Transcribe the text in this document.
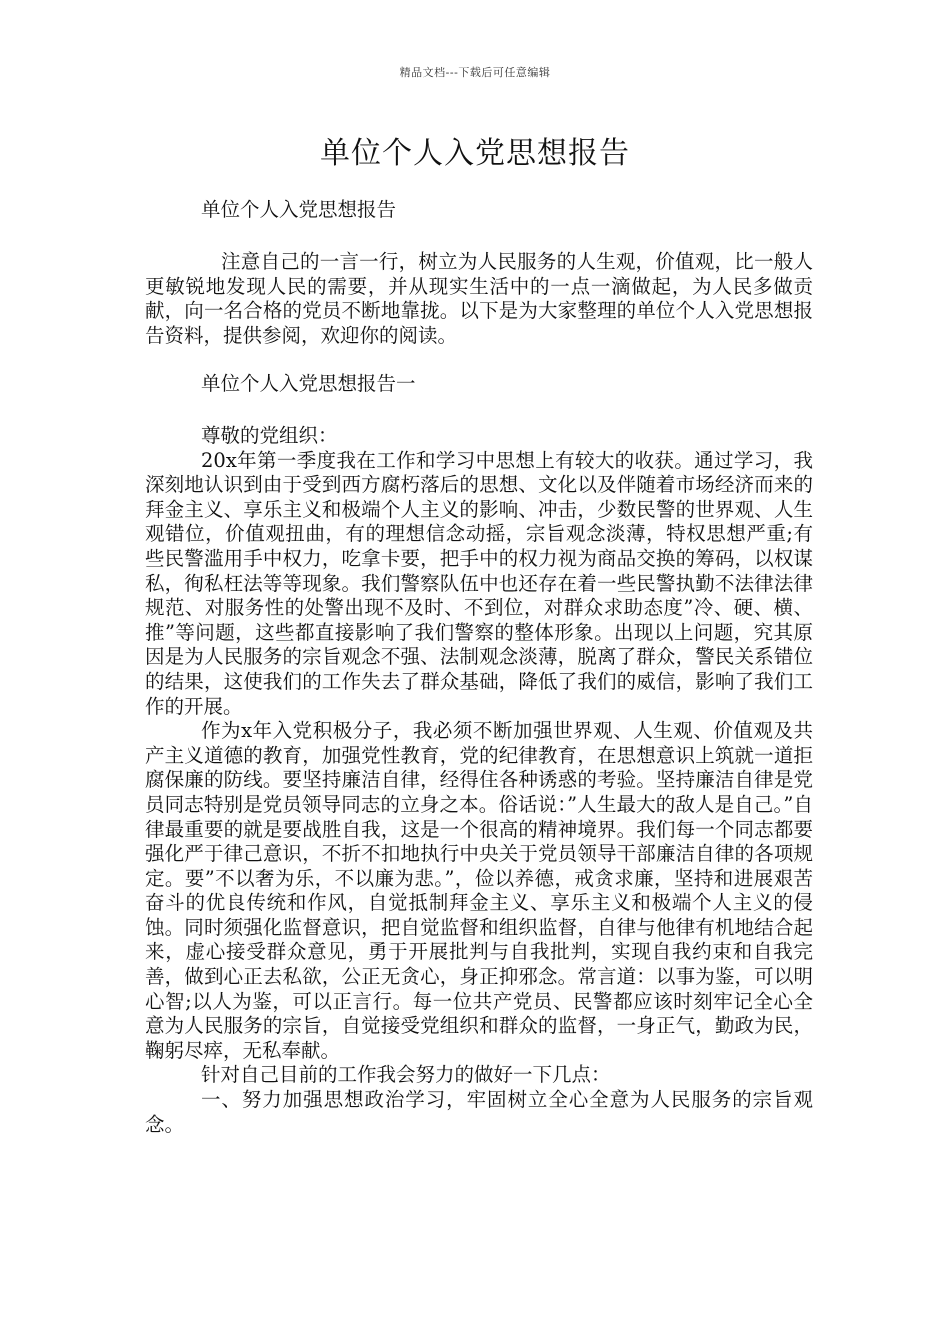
精品文档---下载后可任意编辑
单位个人入党思想报告

单位个人入党思想报告

注意自己的一言一行，树立为人民服务的人生观，价值观，比一般人更敏锐地发现人民的需要，并从现实生活中的一点一滴做起，为人民多做贡献，向一名合格的党员不断地靠拢。以下是为大家整理的单位个人入党思想报告资料，提供参阅，欢迎你的阅读。

单位个人入党思想报告一

尊敬的党组织：

20x年第一季度我在工作和学习中思想上有较大的收获。通过学习，我深刻地认识到由于受到西方腐朽落后的思想、文化以及伴随着市场经济而来的拜金主义、享乐主义和极端个人主义的影响、冲击，少数民警的世界观、人生观错位，价值观扭曲，有的理想信念动摇，宗旨观念淡薄，特权思想严重;有些民警滥用手中权力，吃拿卡要，把手中的权力视为商品交换的筹码，以权谋私，徇私枉法等等现象。我们警察队伍中也还存在着一些民警执勤不法律法律规范、对服务性的处警出现不及时、不到位，对群众求助态度”冷、硬、横、推”等问题，这些都直接影响了我们警察的整体形象。出现以上问题，究其原因是为人民服务的宗旨观念不强、法制观念淡薄，脱离了群众，警民关系错位的结果，这使我们的工作失去了群众基础，降低了我们的威信，影响了我们工作的开展。

作为x年入党积极分子，我必须不断加强世界观、人生观、价值观及共产主义道德的教育，加强党性教育，党的纪律教育，在思想意识上筑就一道拒腐保廉的防线。要坚持廉洁自律，经得住各种诱惑的考验。坚持廉洁自律是党员同志特别是党员领导同志的立身之本。俗话说：”人生最大的敌人是自己。”自律最重要的就是要战胜自我，这是一个很高的精神境界。我们每一个同志都要强化严于律己意识，不折不扣地执行中央关于党员领导干部廉洁自律的各项规定。要”不以奢为乐，不以廉为悲。”，俭以养德，戒贪求廉，坚持和进展艰苦奋斗的优良传统和作风，自觉抵制拜金主义、享乐主义和极端个人主义的侵蚀。同时须强化监督意识，把自觉监督和组织监督，自律与他律有机地结合起来，虚心接受群众意见，勇于开展批判与自我批判，实现自我约束和自我完善，做到心正去私欲，公正无贪心，身正抑邪念。常言道：以事为鉴，可以明心智;以人为鉴，可以正言行。每一位共产党员、民警都应该时刻牢记全心全意为人民服务的宗旨，自觉接受党组织和群众的监督，一身正气，勤政为民，鞠躬尽瘁，无私奉献。

针对自己目前的工作我会努力的做好一下几点：

一、努力加强思想政治学习，牢固树立全心全意为人民服务的宗旨观念。
